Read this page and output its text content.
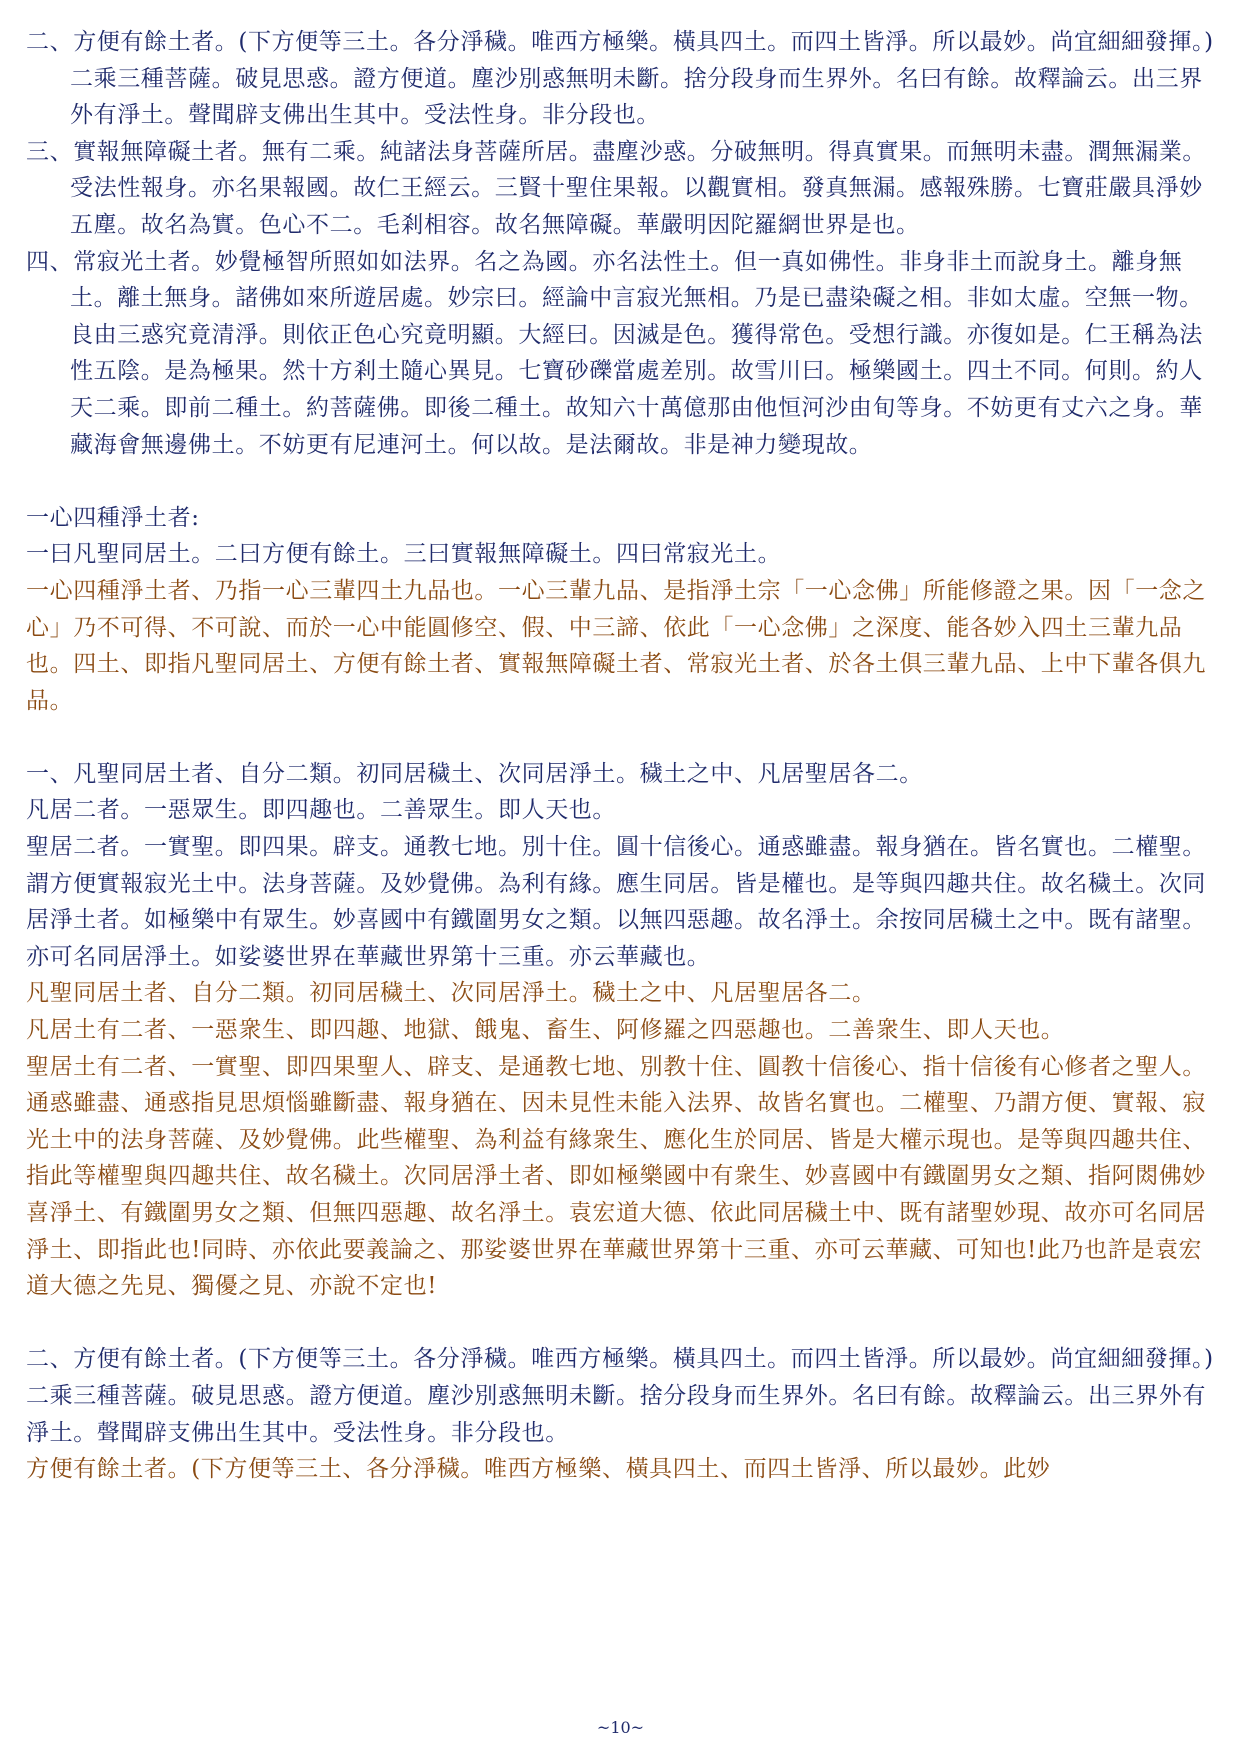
二、方便有餘土者。(下方便等三土。各分淨穢。唯西方極樂。橫具四土。而四土皆淨。所以最妙。尚宜細細發揮。)二乘三種菩薩。破見思惑。證方便道。塵沙別惑無明未斷。捨分段身而生界外。名曰有餘。故釋論云。出三界外有淨土。聲聞辟支佛出生其中。受法性身。非分段也。

三、實報無障礙土者。無有二乘。純諸法身菩薩所居。盡塵沙惑。分破無明。得真實果。而無明未盡。潤無漏業。受法性報身。亦名果報國。故仁王經云。三賢十聖住果報。以觀實相。發真無漏。感報殊勝。七寶莊嚴具淨妙五塵。故名為實。色心不二。毛剎相容。故名無障礙。華嚴明因陀羅網世界是也。

四、常寂光土者。妙覺極智所照如如法界。名之為國。亦名法性土。但一真如佛性。非身非土而說身土。離身無土。離土無身。諸佛如來所遊居處。妙宗曰。經論中言寂光無相。乃是已盡染礙之相。非如太虛。空無一物。良由三惑究竟清淨。則依正色心究竟明顯。大經曰。因滅是色。獲得常色。受想行識。亦復如是。仁王稱為法性五陰。是為極果。然十方剎土隨心異見。七寶砂礫當處差別。故雪川曰。極樂國土。四土不同。何則。約人天二乘。即前二種土。約菩薩佛。即後二種土。故知六十萬億那由他恒河沙由旬等身。不妨更有丈六之身。華藏海會無邊佛土。不妨更有尼連河土。何以故。是法爾故。非是神力變現故。

一心四種淨土者:

一曰凡聖同居土。二曰方便有餘土。三曰實報無障礙土。四曰常寂光土。

一心四種淨土者、乃指一心三輩四土九品也。一心三輩九品、是指淨土宗「一心念佛」所能修證之果。因「一念之心」乃不可得、不可說、而於一心中能圓修空、假、中三諦、依此「一心念佛」之深度、能各妙入四土三輩九品也。四土、即指凡聖同居土、方便有餘土者、實報無障礙土者、常寂光土者、於各土俱三輩九品、上中下輩各俱九品。

一、凡聖同居土者、自分二類。初同居穢土、次同居淨土。穢土之中、凡居聖居各二。

凡居二者。一惡眾生。即四趣也。二善眾生。即人天也。

聖居二者。一實聖。即四果。辟支。通教七地。別十住。圓十信後心。通惑雖盡。報身猶在。皆名實也。二權聖。謂方便實報寂光土中。法身菩薩。及妙覺佛。為利有緣。應生同居。皆是權也。是等與四趣共住。故名穢土。次同居淨土者。如極樂中有眾生。妙喜國中有鐵圍男女之類。以無四惡趣。故名淨土。余按同居穢土之中。既有諸聖。亦可名同居淨土。如娑婆世界在華藏世界第十三重。亦云華藏也。

凡聖同居土者、自分二類。初同居穢土、次同居淨土。穢土之中、凡居聖居各二。

凡居土有二者、一惡衆生、即四趣、地獄、餓鬼、畜生、阿修羅之四惡趣也。二善衆生、即人天也。

聖居土有二者、一實聖、即四果聖人、辟支、是通教七地、別教十住、圓教十信後心、指十信後有心修者之聖人。通惑雖盡、通惑指見思煩惱雖斷盡、報身猶在、因未見性未能入法界、故皆名實也。二權聖、乃謂方便、實報、寂光土中的法身菩薩、及妙覺佛。此些權聖、為利益有緣衆生、應化生於同居、皆是大權示現也。是等與四趣共住、指此等權聖與四趣共住、故名穢土。次同居淨土者、即如極樂國中有衆生、妙喜國中有鐵圍男女之類、指阿閦佛妙喜淨土、有鐵圍男女之類、但無四惡趣、故名淨土。袁宏道大德、依此同居穢土中、既有諸聖妙現、故亦可名同居淨土、即指此也!同時、亦依此要義論之、那娑婆世界在華藏世界第十三重、亦可云華藏、可知也!此乃也許是袁宏道大德之先見、獨優之見、亦說不定也!

二、方便有餘土者。(下方便等三土。各分淨穢。唯西方極樂。橫具四土。而四土皆淨。所以最妙。尚宜細細發揮。)二乘三種菩薩。破見思惑。證方便道。塵沙別惑無明未斷。捨分段身而生界外。名曰有餘。故釋論云。出三界外有淨土。聲聞辟支佛出生其中。受法性身。非分段也。

方便有餘土者。(下方便等三土、各分淨穢。唯西方極樂、橫具四土、而四土皆淨、所以最妙。此妙

~10~
